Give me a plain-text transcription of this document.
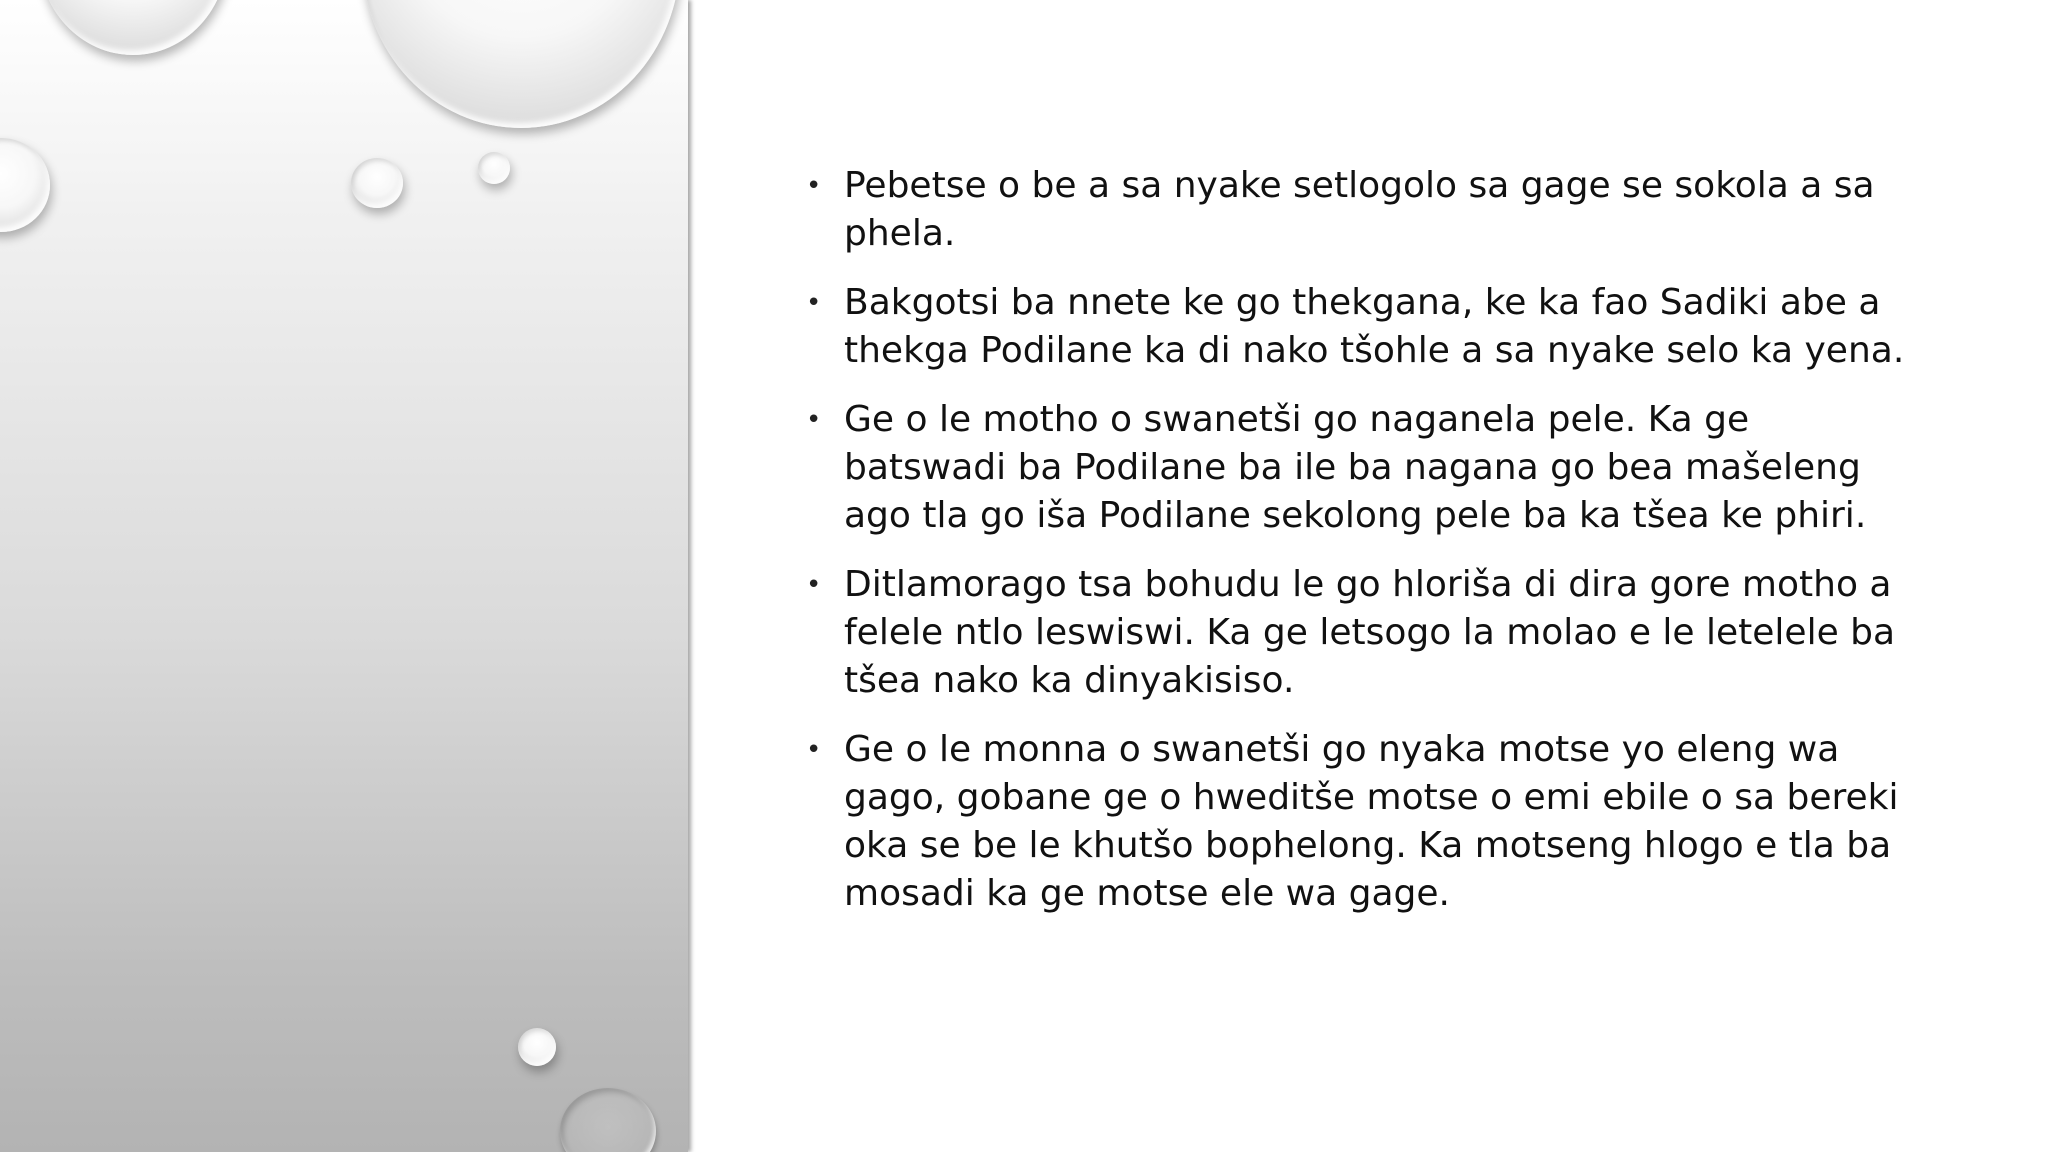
• Pebetse o be a sa nyake setlogolo sa gage se sokola a sa phela.
• Bakgotsi ba nnete ke go thekgana, ke ka fao Sadiki abe a thekga Podilane ka di nako tšohle a sa nyake selo ka yena.
• Ge o le motho o swanetši go naganela pele. Ka ge batswadi ba Podilane ba ile ba nagana go bea mašeleng ago tla go iša Podilane sekolong pele ba ka tšea ke phiri.
• Ditlamorago tsa bohudu le go hloriša di dira gore motho a felele ntlo leswiswi. Ka ge letsogo la molao e le letelele ba tšea nako ka dinyakisiso.
• Ge o le monna o swanetši go nyaka motse yo eleng wa gago, gobane ge o hweditše motse o emi ebile o sa bereki oka se be le khutšo bophelong. Ka motseng hlogo e tla ba mosadi ka ge motse ele wa gage.
